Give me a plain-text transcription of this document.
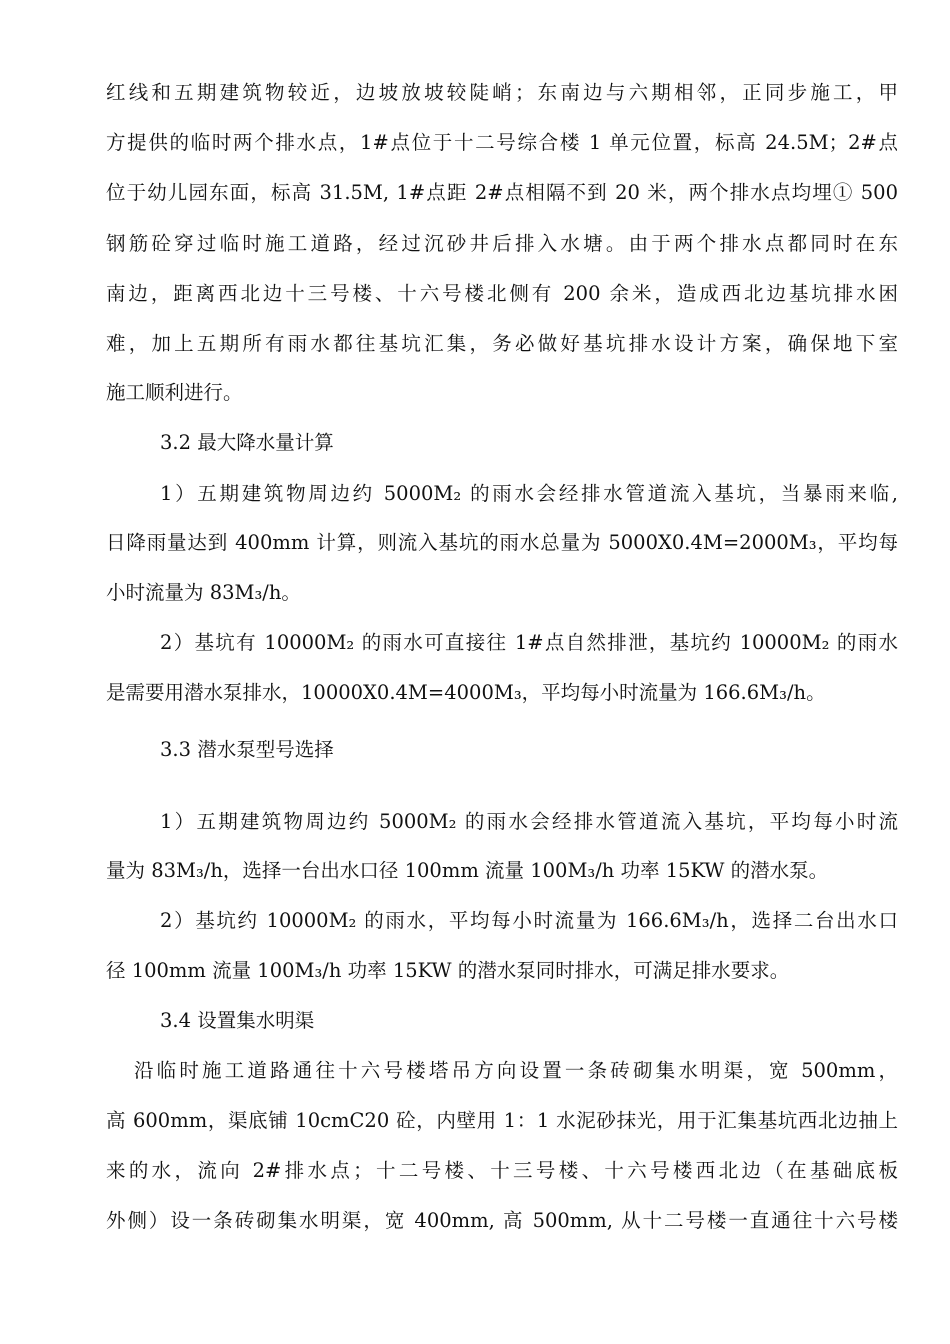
红线和五期建筑物较近，边坡放坡较陡峭；东南边与六期相邻，正同步施工，甲
方提供的临时两个排水点，1#点位于十二号综合楼 1 单元位置，标高 24.5M；2#点
位于幼儿园东面，标高 31.5M, 1#点距 2#点相隔不到 20 米，两个排水点均埋① 500
钢筋砼穿过临时施工道路，经过沉砂井后排入水塘。由于两个排水点都同时在东
南边，距离西北边十三号楼、十六号楼北侧有 200 余米，造成西北边基坑排水困
难，加上五期所有雨水都往基坑汇集，务必做好基坑排水设计方案，确保地下室
施工顺利进行。
3.2 最大降水量计算
1）五期建筑物周边约 5000M₂ 的雨水会经排水管道流入基坑，当暴雨来临,
日降雨量达到 400mm 计算，则流入基坑的雨水总量为 5000X0.4M=2000M₃，平均每
小时流量为 83M₃/h。
2）基坑有 10000M₂ 的雨水可直接往 1#点自然排泄，基坑约 10000M₂ 的雨水
是需要用潜水泵排水，10000X0.4M=4000M₃，平均每小时流量为 166.6M₃/h。
3.3 潜水泵型号选择
1）五期建筑物周边约 5000M₂ 的雨水会经排水管道流入基坑，平均每小时流
量为 83M₃/h，选择一台出水口径 100mm 流量 100M₃/h 功率 15KW 的潜水泵。
2）基坑约 10000M₂ 的雨水，平均每小时流量为 166.6M₃/h，选择二台出水口
径 100mm 流量 100M₃/h 功率 15KW 的潜水泵同时排水，可满足排水要求。
3.4 设置集水明渠
沿临时施工道路通往十六号楼塔吊方向设置一条砖砌集水明渠，宽 500mm，
高 600mm，渠底铺 10cmC20 砼，内壁用 1：1 水泥砂抹光，用于汇集基坑西北边抽上
来的水，流向 2#排水点；十二号楼、十三号楼、十六号楼西北边（在基础底板
外侧）设一条砖砌集水明渠，宽 400mm, 高 500mm, 从十二号楼一直通往十六号楼
